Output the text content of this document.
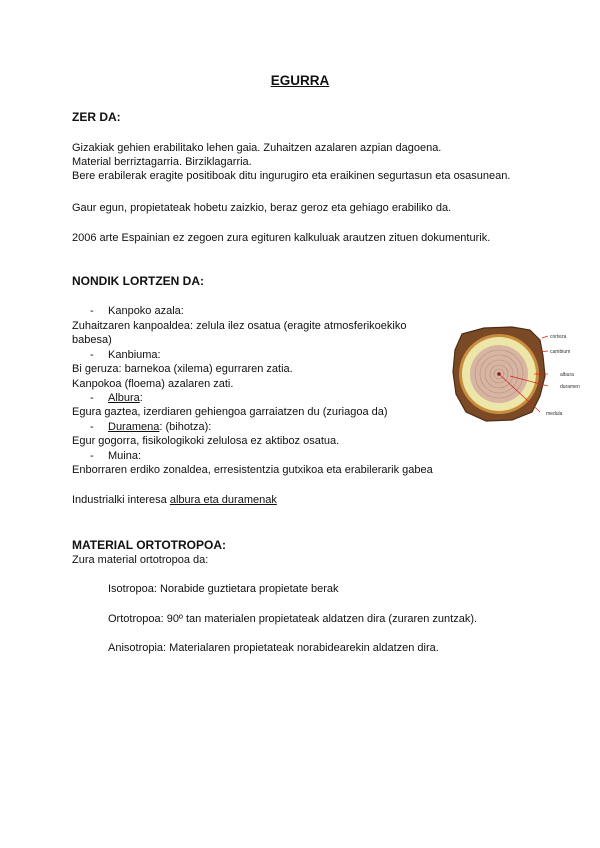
EGURRA
ZER DA:
Gizakiak gehien erabilitako lehen gaia. Zuhaitzen azalaren azpian dagoena.
Material berriztagarria. Birziklagarria.
Bere erabilerak eragite positiboak ditu ingurugiro eta eraikinen segurtasun eta osasunean.
Gaur egun, propietateak hobetu zaizkio, beraz geroz eta gehiago erabiliko da.
2006 arte Espainian ez zegoen zura egituren kalkuluak arautzen zituen dokumenturik.
NONDIK LORTZEN DA:
- Kanpoko azala:
Zuhaitzaren kanpoaldea: zelula ilez osatua (eragite atmosferikoekiko
babesa)
- Kanbiuma:
Bi geruza: barnekoa (xilema) egurraren zatia.
Kanpokoa (floema) azalaren zati.
- Albura:
Egura gaztea, izerdiaren gehiengoa garraiatzen du (zuriagoa da)
- Duramena: (bihotza):
Egur gogorra, fisikologikoki zelulosa ez aktiboz osatua.
- Muina:
Enborraren erdiko zonaldea, erresistentzia gutxikoa eta erabilerarik gabea
Industrialki interesa albura eta duramenak
corteza
cambium
albura
duramen
medula
MATERIAL ORTOTROPOA:
Zura material ortotropoa da:
Isotropoa: Norabide guztietara propietate berak
Ortotropoa: 90º tan materialen propietateak aldatzen dira (zuraren zuntzak).
Anisotropia: Materialaren propietateak norabidearekin aldatzen dira.
